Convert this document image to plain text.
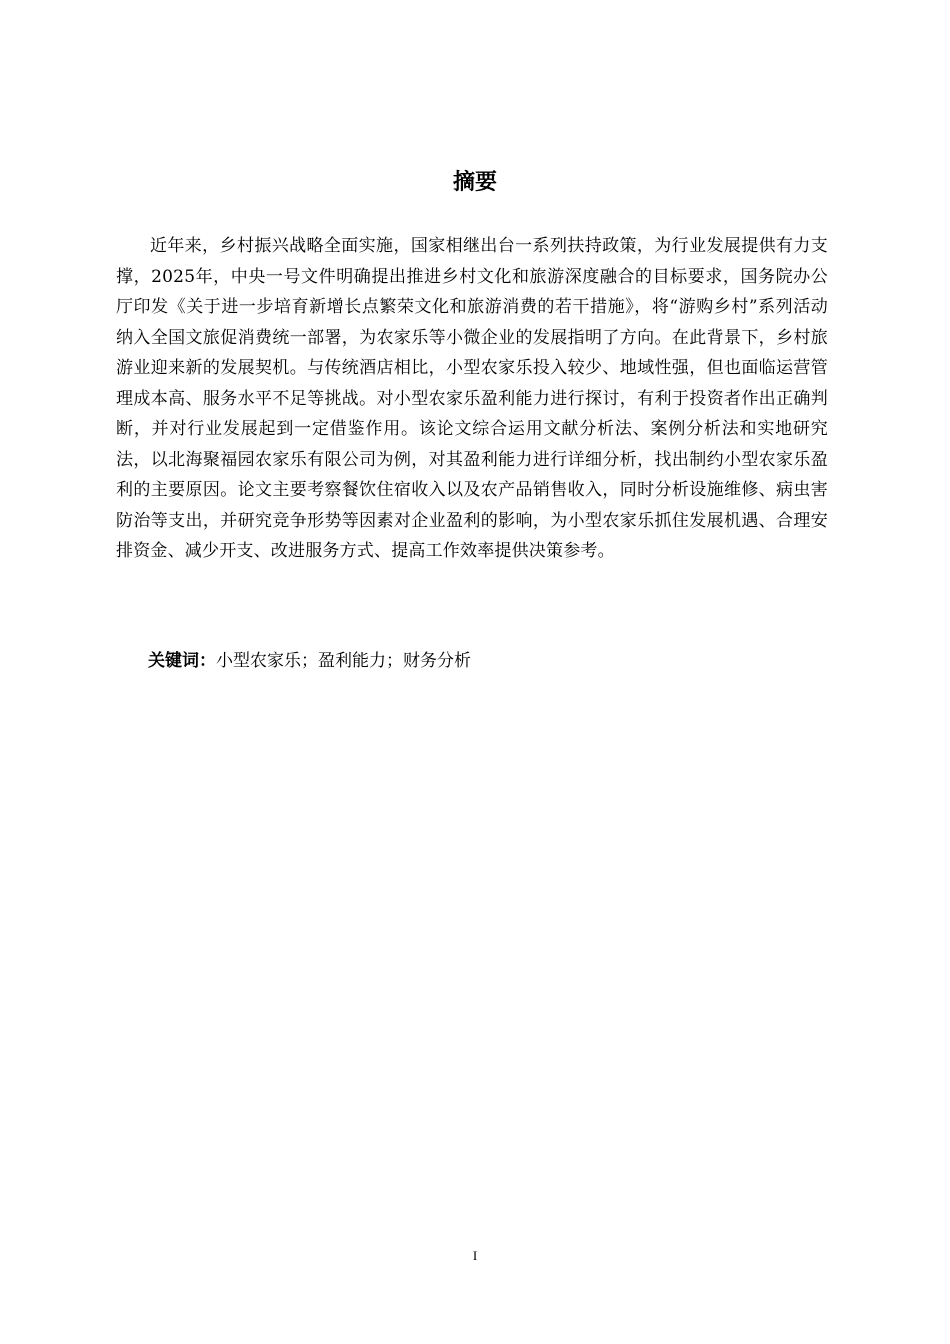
摘要

近年来，乡村振兴战略全面实施，国家相继出台一系列扶持政策，为行业发展提供有力支撑，2025年，中央一号文件明确提出推进乡村文化和旅游深度融合的目标要求，国务院办公厅印发《关于进一步培育新增长点繁荣文化和旅游消费的若干措施》，将“游购乡村”系列活动纳入全国文旅促消费统一部署，为农家乐等小微企业的发展指明了方向。在此背景下，乡村旅游业迎来新的发展契机。与传统酒店相比，小型农家乐投入较少、地域性强，但也面临运营管理成本高、服务水平不足等挑战。对小型农家乐盈利能力进行探讨，有利于投资者作出正确判断，并对行业发展起到一定借鉴作用。该论文综合运用文献分析法、案例分析法和实地研究法，以北海聚福园农家乐有限公司为例，对其盈利能力进行详细分析，找出制约小型农家乐盈利的主要原因。论文主要考察餐饮住宿收入以及农产品销售收入，同时分析设施维修、病虫害防治等支出，并研究竞争形势等因素对企业盈利的影响，为小型农家乐抓住发展机遇、合理安排资金、减少开支、改进服务方式、提高工作效率提供决策参考。

关键词：小型农家乐；盈利能力；财务分析

I
